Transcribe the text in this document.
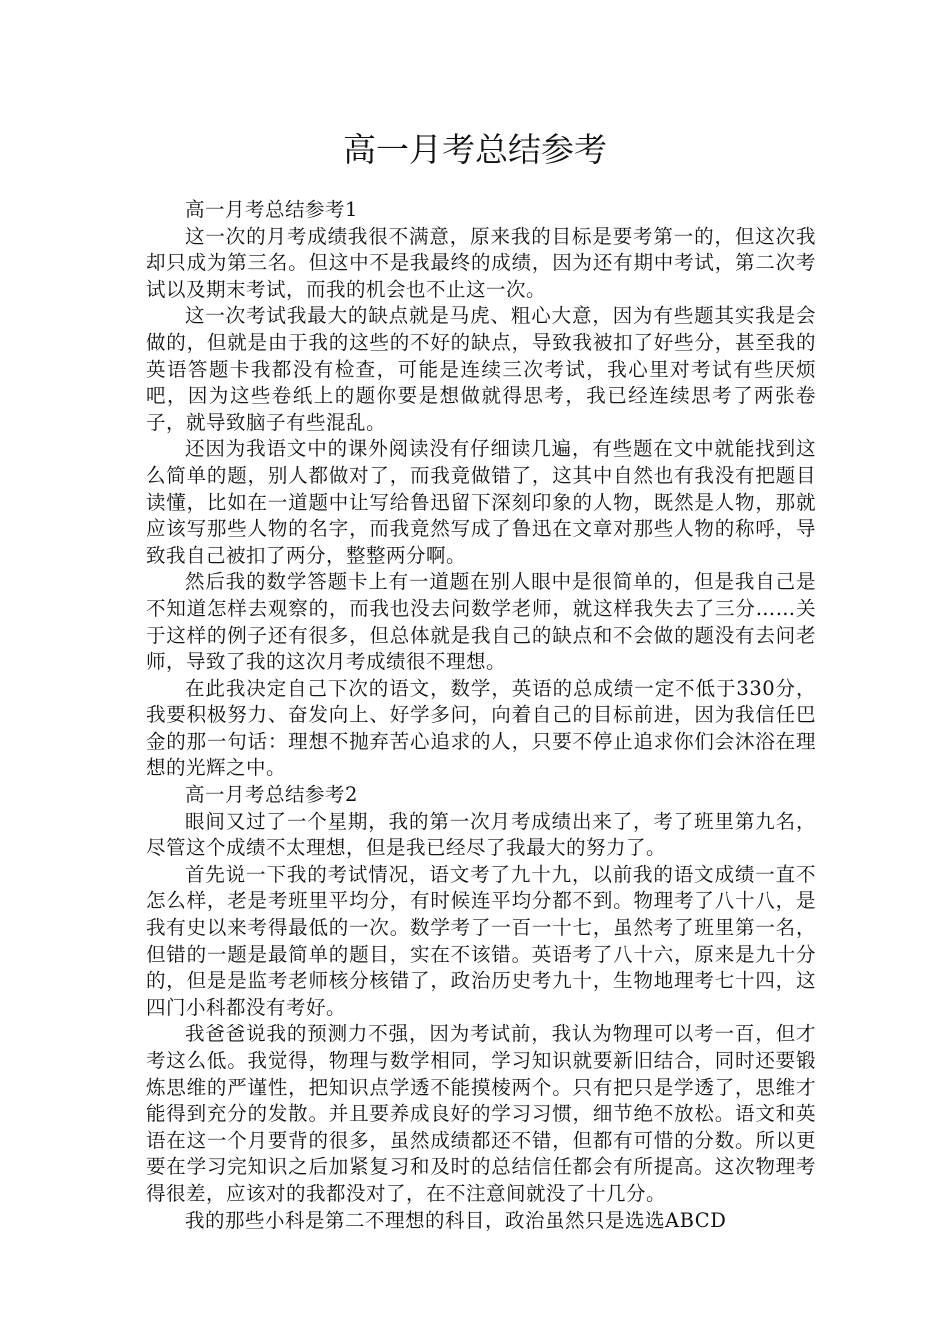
高一月考总结参考

高一月考总结参考1

这一次的月考成绩我很不满意，原来我的目标是要考第一的，但这次我却只成为第三名。但这中不是我最终的成绩，因为还有期中考试，第二次考试以及期末考试，而我的机会也不止这一次。

这一次考试我最大的缺点就是马虎、粗心大意，因为有些题其实我是会做的，但就是由于我的这些的不好的缺点，导致我被扣了好些分，甚至我的英语答题卡我都没有检查，可能是连续三次考试，我心里对考试有些厌烦吧，因为这些卷纸上的题你要是想做就得思考，我已经连续思考了两张卷子，就导致脑子有些混乱。

还因为我语文中的课外阅读没有仔细读几遍，有些题在文中就能找到这么简单的题，别人都做对了，而我竟做错了，这其中自然也有我没有把题目读懂，比如在一道题中让写给鲁迅留下深刻印象的人物，既然是人物，那就应该写那些人物的名字，而我竟然写成了鲁迅在文章对那些人物的称呼，导致我自己被扣了两分，整整两分啊。

然后我的数学答题卡上有一道题在别人眼中是很简单的，但是我自己是不知道怎样去观察的，而我也没去问数学老师，就这样我失去了三分……关于这样的例子还有很多，但总体就是我自己的缺点和不会做的题没有去问老师，导致了我的这次月考成绩很不理想。

在此我决定自己下次的语文，数学，英语的总成绩一定不低于330分，我要积极努力、奋发向上、好学多问，向着自己的目标前进，因为我信任巴金的那一句话：理想不抛弃苦心追求的人，只要不停止追求你们会沐浴在理想的光辉之中。

高一月考总结参考2

眼间又过了一个星期，我的第一次月考成绩出来了，考了班里第九名，尽管这个成绩不太理想，但是我已经尽了我最大的努力了。

首先说一下我的考试情况，语文考了九十九，以前我的语文成绩一直不怎么样，老是考班里平均分，有时候连平均分都不到。物理考了八十八，是我有史以来考得最低的一次。数学考了一百一十七，虽然考了班里第一名，但错的一题是最简单的题目，实在不该错。英语考了八十六，原来是九十分的，但是是监考老师核分核错了，政治历史考九十，生物地理考七十四，这四门小科都没有考好。

我爸爸说我的预测力不强，因为考试前，我认为物理可以考一百，但才考这么低。我觉得，物理与数学相同，学习知识就要新旧结合，同时还要锻炼思维的严谨性，把知识点学透不能摸棱两个。只有把只是学透了，思维才能得到充分的发散。并且要养成良好的学习习惯，细节绝不放松。语文和英语在这一个月要背的很多，虽然成绩都还不错，但都有可惜的分数。所以更要在学习完知识之后加紧复习和及时的总结信任都会有所提高。这次物理考得很差，应该对的我都没对了，在不注意间就没了十几分。

我的那些小科是第二不理想的科目，政治虽然只是选选ABCD
